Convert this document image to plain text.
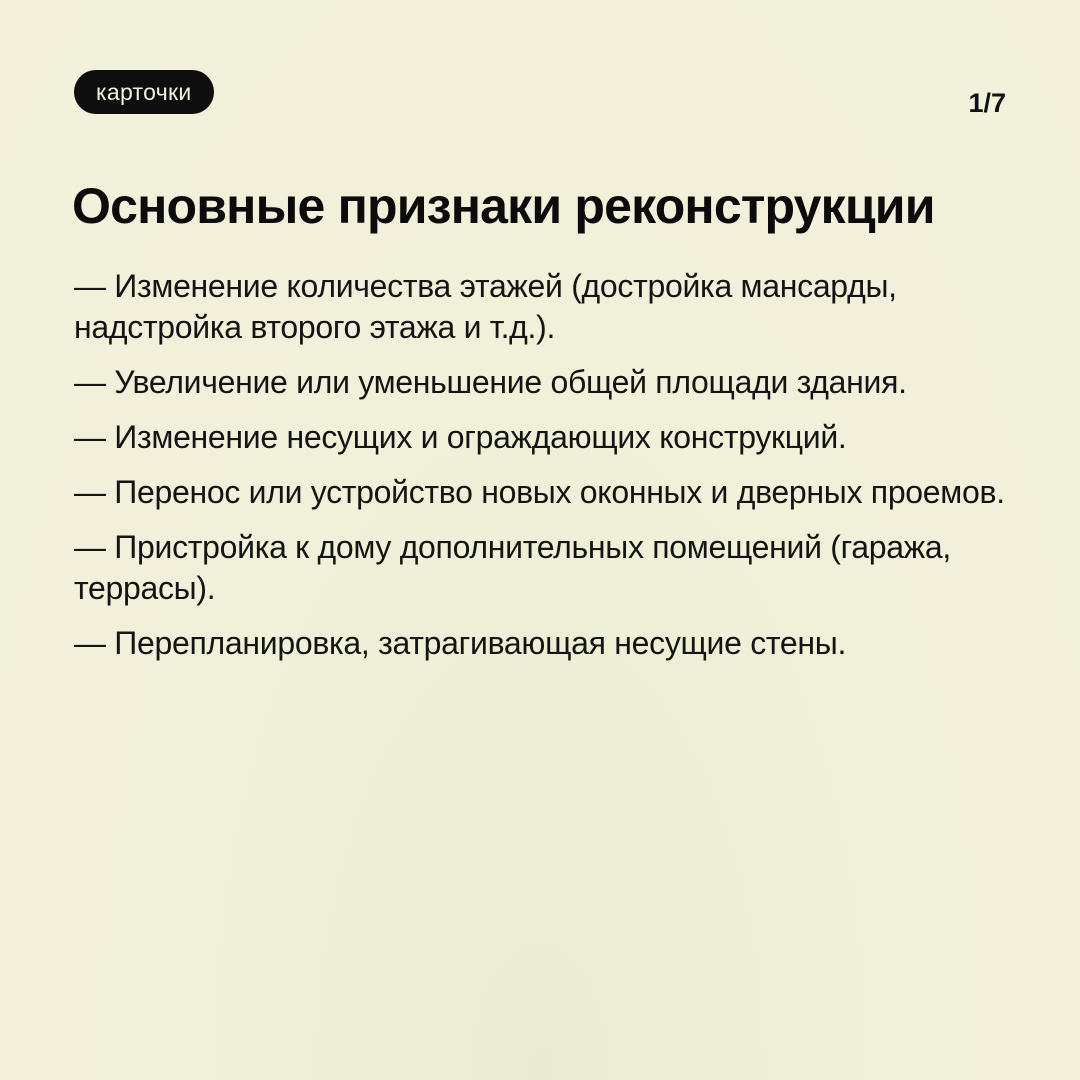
карточки	1/7
Основные признаки реконструкции
— Изменение количества этажей (достройка мансарды, надстройка второго этажа и т.д.).
— Увеличение или уменьшение общей площади здания.
— Изменение несущих и ограждающих конструкций.
— Перенос или устройство новых оконных и дверных проемов.
— Пристройка к дому дополнительных помещений (гаража, террасы).
— Перепланировка, затрагивающая несущие стены.
